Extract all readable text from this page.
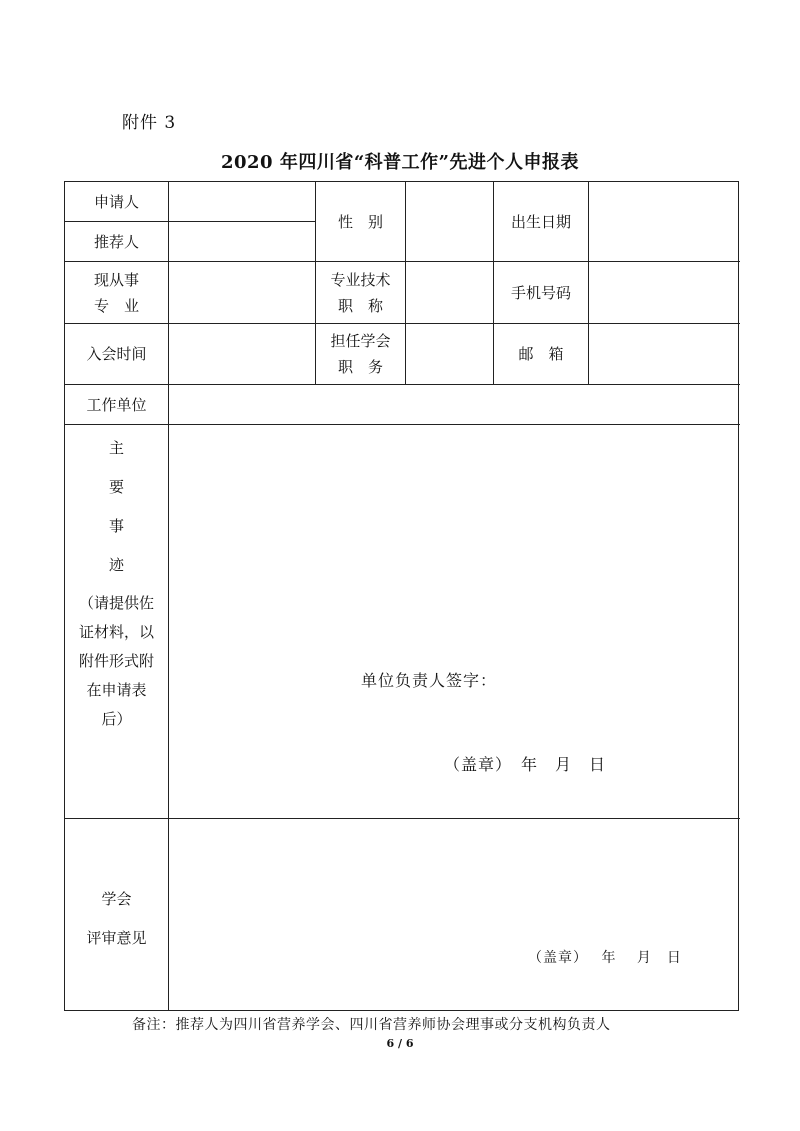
附件 3
2020 年四川省“科普工作”先进个人申报表
申请人
推荐人
性　别	出生日期
现从事
专　业
专业技术
职　称
手机号码
入会时间
担任学会
职　务
邮　箱
工作单位
主
要
事
迹
（请提供佐
证材料，以
附件形式附
在申请表
后）
单位负责人签字：
（盖章）　年　月　日
学会
评审意见
（盖章）　 年　 月　日
备注：推荐人为四川省营养学会、四川省营养师协会理事或分支机构负责人
6 / 6
